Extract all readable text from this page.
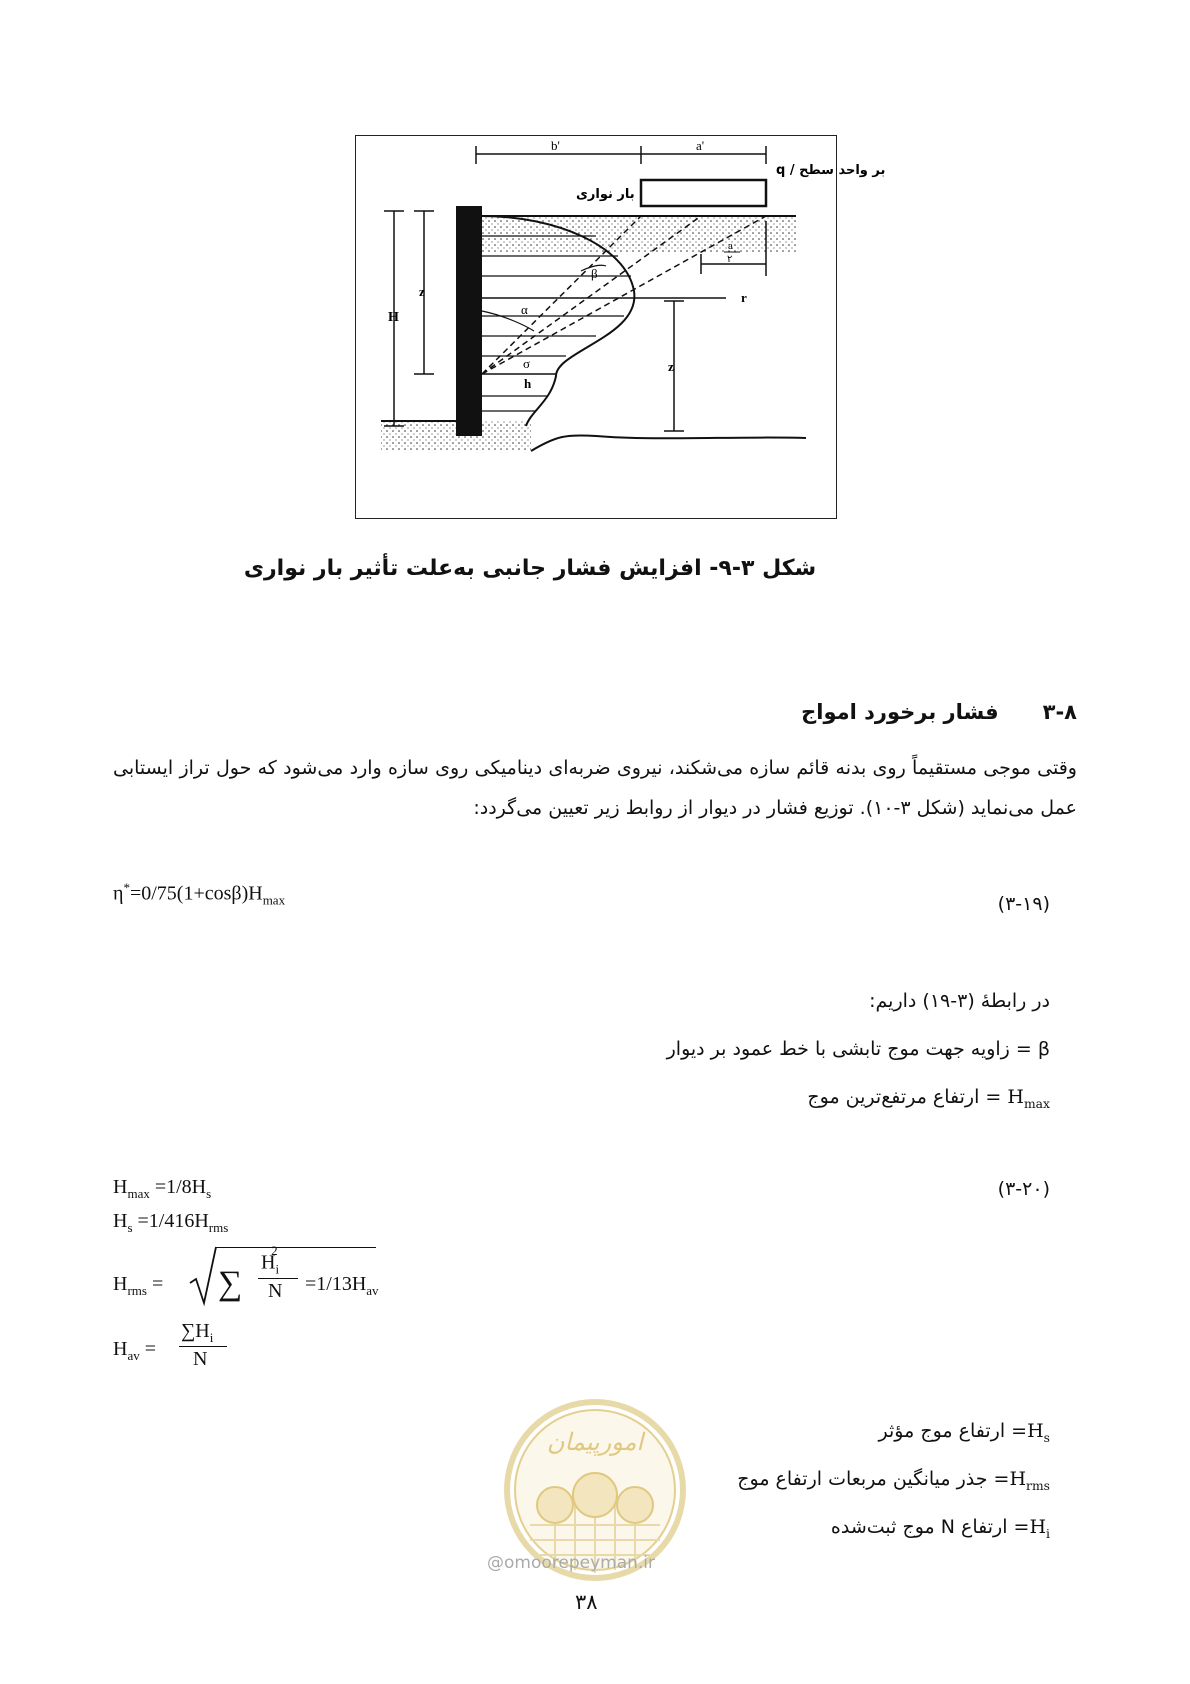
b'	a'
بر واحد سطح / q
بار نواری
H
z	r
σ
h
α
β
a
۲
z
شکل ۳-۹- افزایش فشار جانبی به‌علت تأثیر بار نواری
۳-۸فشار برخورد امواج
وقتی موجی مستقیماً روی بدنه قائم سازه می‌شکند، نیروی ضربه‌ای دینامیکی روی سازه وارد می‌شود که حول تراز ایستابی عمل می‌نماید (شکل ۳-۱۰). توزیع فشار در دیوار از روابط زیر تعیین می‌گردد:
$\eta^*=0/75(1+\cos\beta)H_{max}$	(۳-۱۹)
در رابطهٔ (۳-۱۹) داریم:
β = زاویه جهت موج تابشی با خط عمود بر دیوار
$H_{max}$ = ارتفاع مرتفع‌ترین موج
(۳-۲۰)
$H_{max} =1/8H_s$
$H_s =1/416H_{rms}$
$H_{rms}$ = ∑
$H_i^2$
$N =1/13H_{av}$
$H_{av}$ =
$\sum H_i$
N
امورپیمان
@omoorepeyman.ir
$H_s=$ ارتفاع موج مؤثر
$H_{rms}=$ جذر میانگین مربعات ارتفاع موج
$H_i=$ ارتفاع N موج ثبت‌شده
۳۸
